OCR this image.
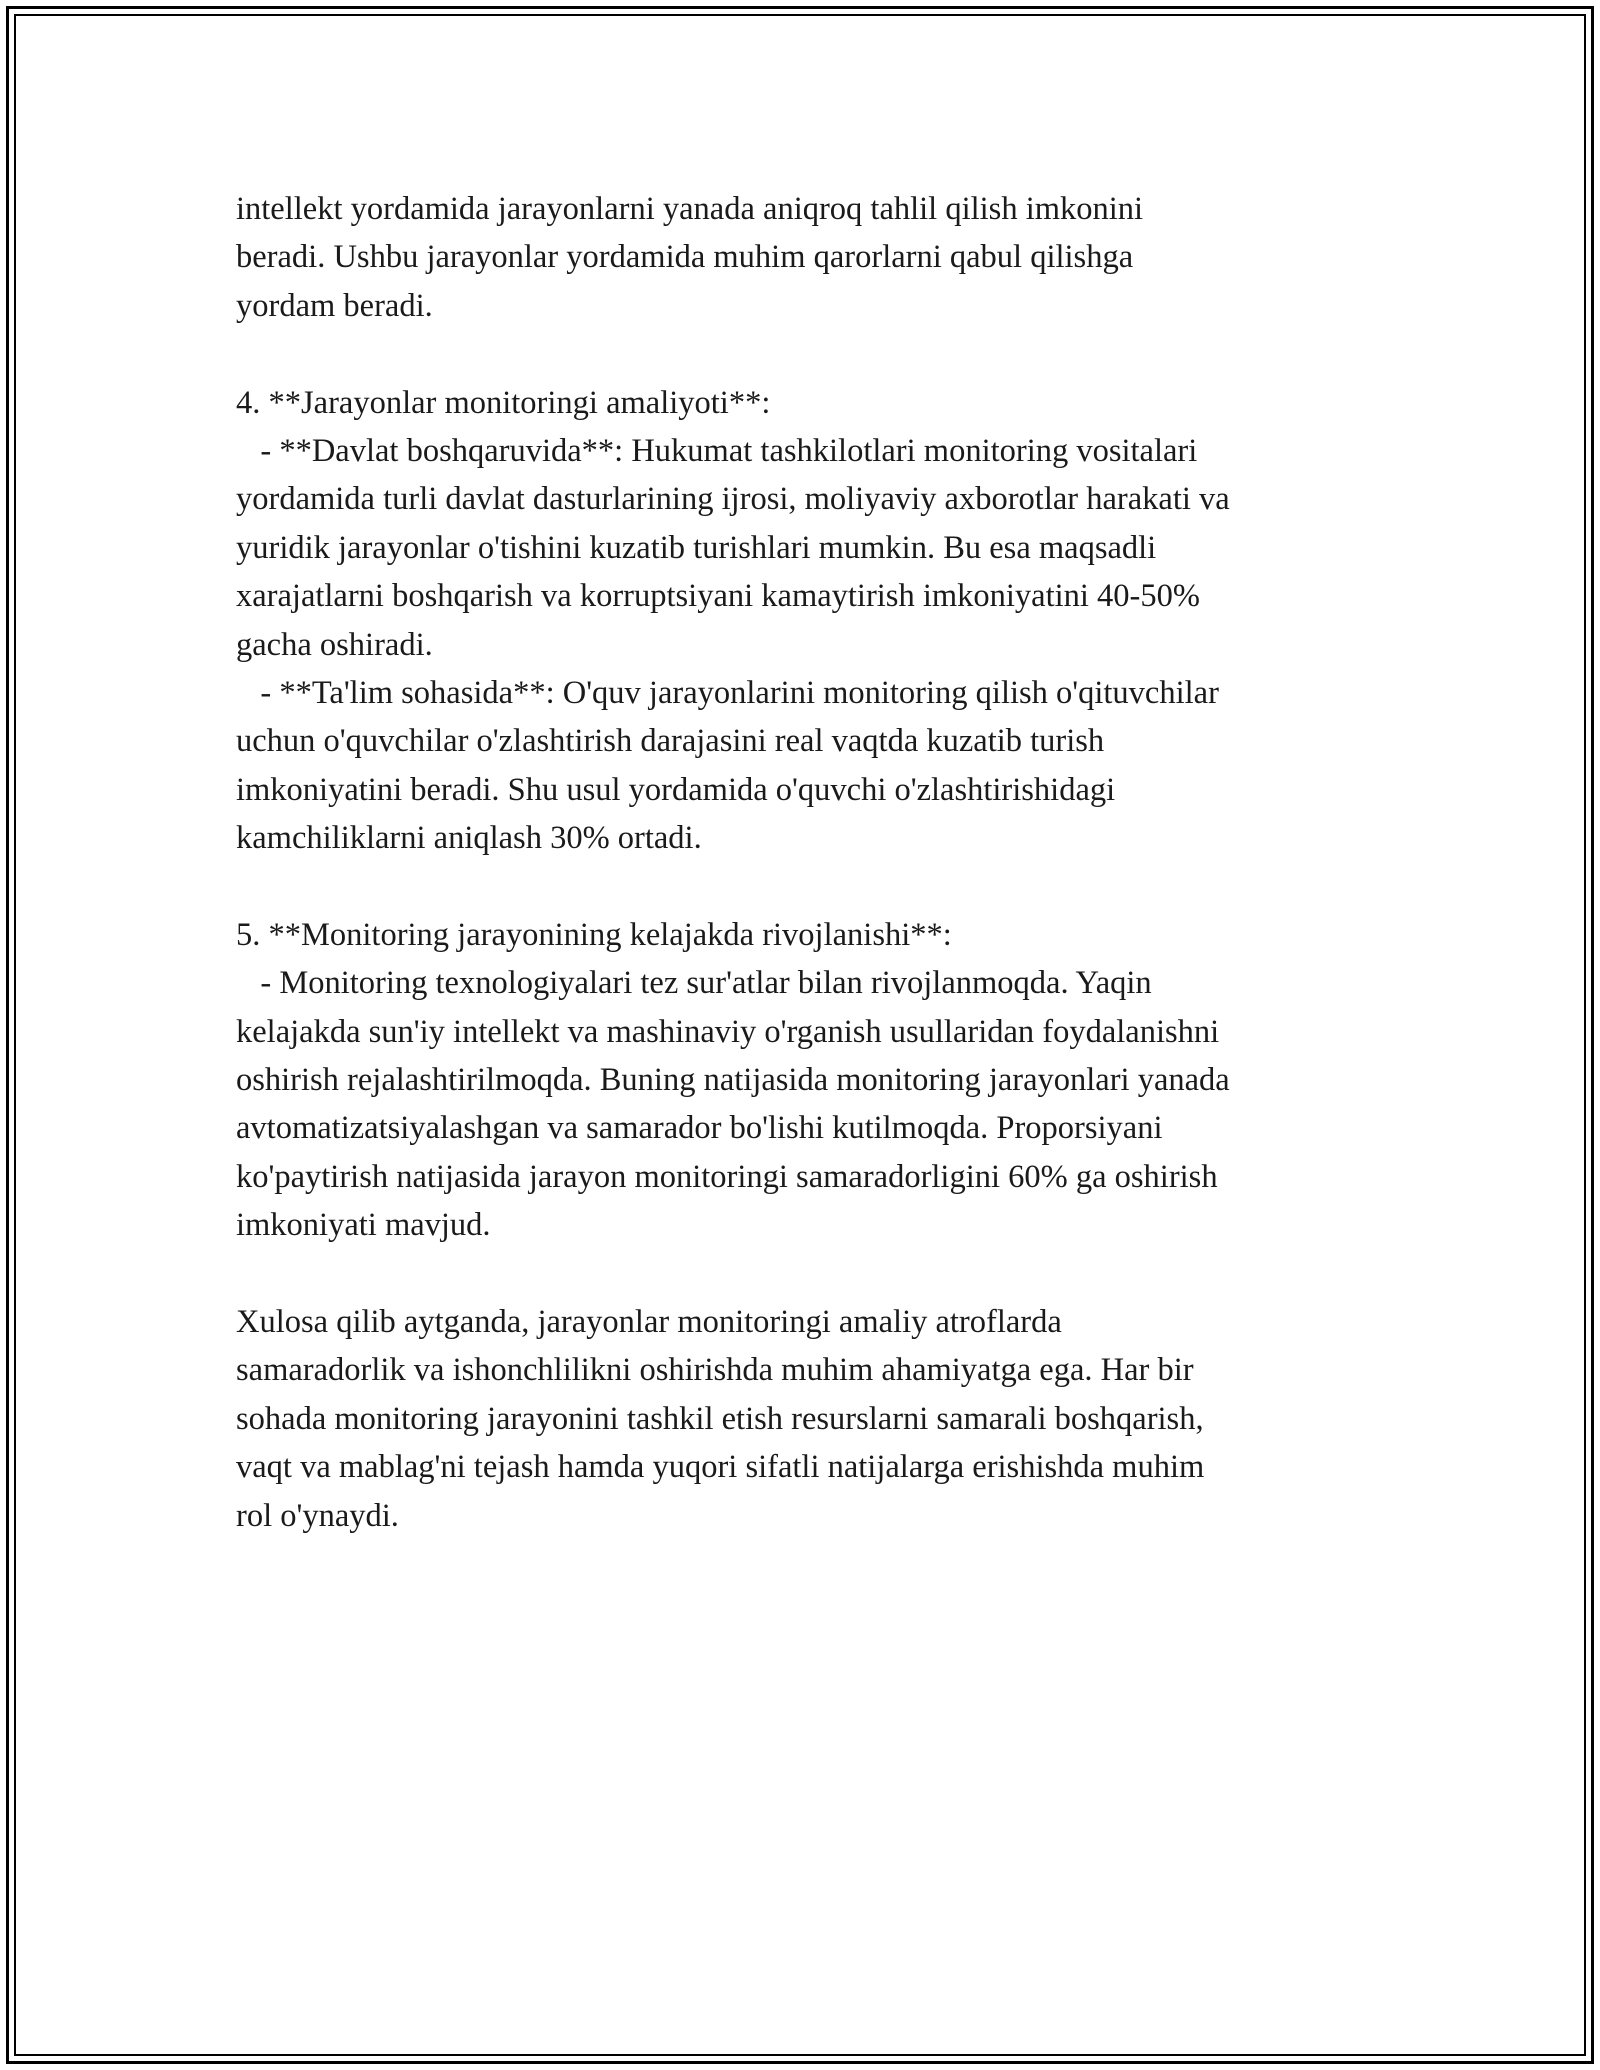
intellekt yordamida jarayonlarni yanada aniqroq tahlil qilish imkonini
beradi. Ushbu jarayonlar yordamida muhim qarorlarni qabul qilishga
yordam beradi.
4. **Jarayonlar monitoringi amaliyoti**:
- **Davlat boshqaruvida**: Hukumat tashkilotlari monitoring vositalari
yordamida turli davlat dasturlarining ijrosi, moliyaviy axborotlar harakati va
yuridik jarayonlar o'tishini kuzatib turishlari mumkin. Bu esa maqsadli
xarajatlarni boshqarish va korruptsiyani kamaytirish imkoniyatini 40-50%
gacha oshiradi.
- **Ta'lim sohasida**: O'quv jarayonlarini monitoring qilish o'qituvchilar
uchun o'quvchilar o'zlashtirish darajasini real vaqtda kuzatib turish
imkoniyatini beradi. Shu usul yordamida o'quvchi o'zlashtirishidagi
kamchiliklarni aniqlash 30% ortadi.
5. **Monitoring jarayonining kelajakda rivojlanishi**:
- Monitoring texnologiyalari tez sur'atlar bilan rivojlanmoqda. Yaqin
kelajakda sun'iy intellekt va mashinaviy o'rganish usullaridan foydalanishni
oshirish rejalashtirilmoqda. Buning natijasida monitoring jarayonlari yanada
avtomatizatsiyalashgan va samarador bo'lishi kutilmoqda. Proporsiyani
ko'paytirish natijasida jarayon monitoringi samaradorligini 60% ga oshirish
imkoniyati mavjud.
Xulosa qilib aytganda, jarayonlar monitoringi amaliy atroflarda
samaradorlik va ishonchlilikni oshirishda muhim ahamiyatga ega. Har bir
sohada monitoring jarayonini tashkil etish resurslarni samarali boshqarish,
vaqt va mablag'ni tejash hamda yuqori sifatli natijalarga erishishda muhim
rol o'ynaydi.
